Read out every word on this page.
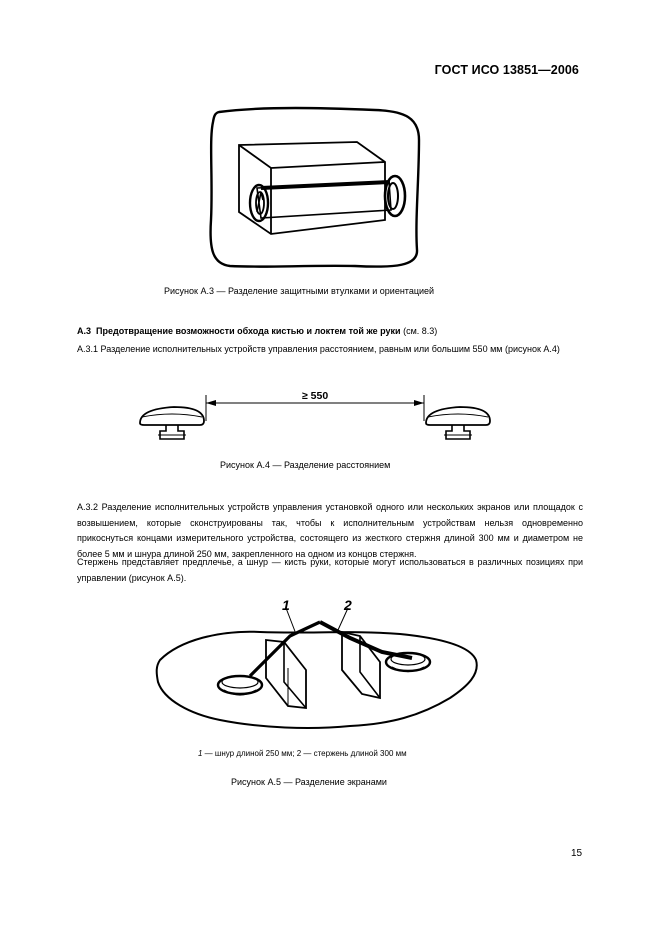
ГОСТ ИСО 13851—2006
Рисунок А.3 — Разделение защитными втулками и ориентацией
А.3 Предотвращение возможности обхода кистью и локтем той же руки (см. 8.3)
А.3.1 Разделение исполнительных устройств управления расстоянием, равным или большим 550 мм (рисунок А.4)
≥ 550
Рисунок А.4 — Разделение расстоянием
А.3.2 Разделение исполнительных устройств управления установкой одного или нескольких экранов или площадок с возвышением, которые сконструированы так, чтобы к исполнительным устройствам нельзя одновременно прикоснуться концами измерительного устройства, состоящего из жесткого стержня длиной 300 мм и диаметром не более 5 мм и шнура длиной 250 мм, закрепленного на одном из концов стержня.
Стержень представляет предплечье, а шнур — кисть руки, которые могут использоваться в различных позициях при управлении (рисунок А.5).
1	2
1 — шнур длиной 250 мм; 2 — стержень длиной 300 мм
Рисунок А.5 — Разделение экранами
15
